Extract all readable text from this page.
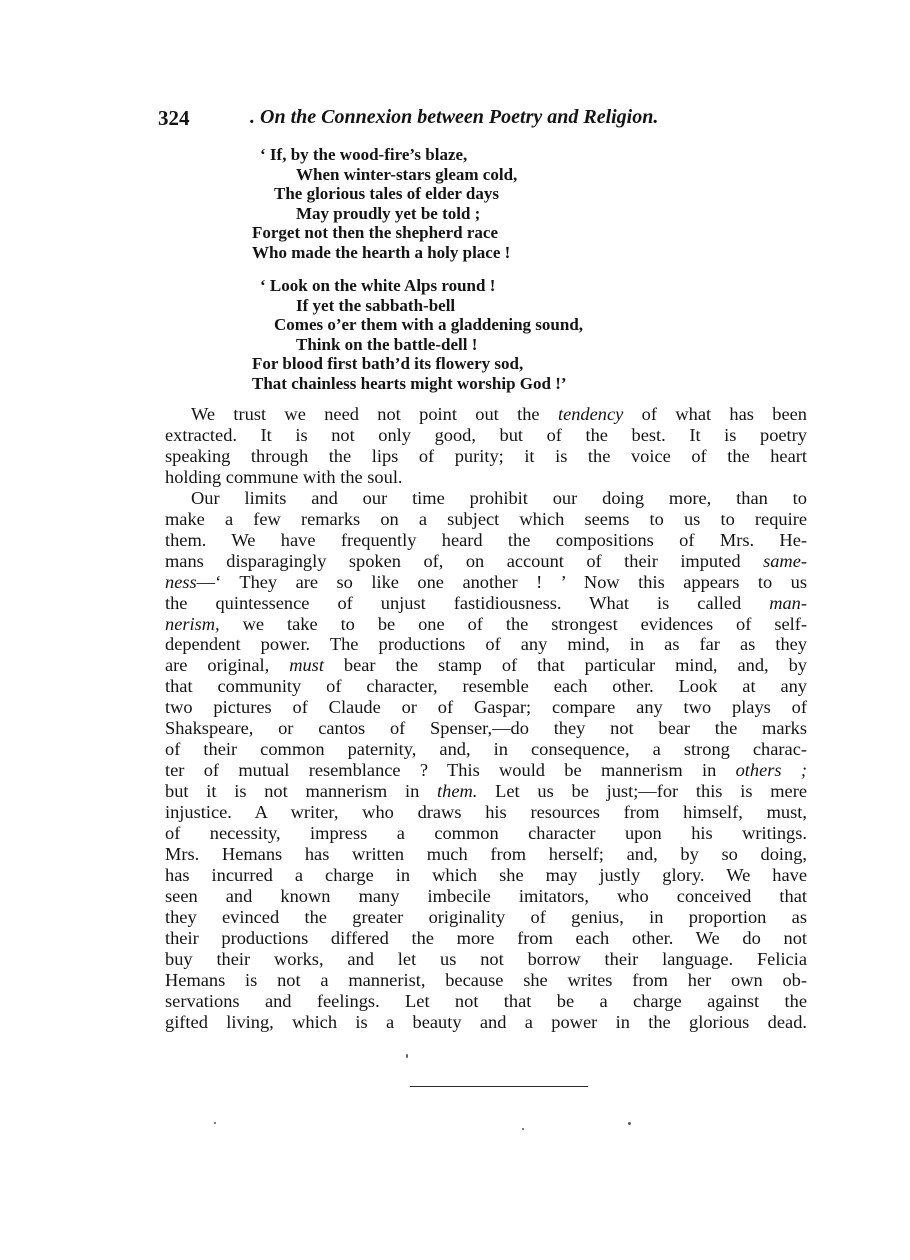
324	. On the Connexion between Poetry and Religion.
‘ If, by the wood-fire’s blaze,
When winter-stars gleam cold,
The glorious tales of elder days
May proudly yet be told ;
Forget not then the shepherd race
Who made the hearth a holy place !
‘ Look on the white Alps round !
If yet the sabbath-bell
Comes o’er them with a gladdening sound,
Think on the battle-dell !
For blood first bath’d its flowery sod,
That chainless hearts might worship God !’
We trust we need not point out the tendency of what has been
extracted. It is not only good, but of the best. It is poetry
speaking through the lips of purity; it is the voice of the heart
holding commune with the soul.
Our limits and our time prohibit our doing more, than to
make a few remarks on a subject which seems to us to require
them. We have frequently heard the compositions of Mrs. He-
mans disparagingly spoken of, on account of their imputed same-
ness—‘ They are so like one another ! ’ Now this appears to us
the quintessence of unjust fastidiousness. What is called man-
nerism, we take to be one of the strongest evidences of self-
dependent power. The productions of any mind, in as far as they
are original, must bear the stamp of that particular mind, and, by
that community of character, resemble each other. Look at any
two pictures of Claude or of Gaspar; compare any two plays of
Shakspeare, or cantos of Spenser,—do they not bear the marks
of their common paternity, and, in consequence, a strong charac-
ter of mutual resemblance ? This would be mannerism in others ;
but it is not mannerism in them. Let us be just;—for this is mere
injustice. A writer, who draws his resources from himself, must,
of necessity, impress a common character upon his writings.
Mrs. Hemans has written much from herself; and, by so doing,
has incurred a charge in which she may justly glory. We have
seen and known many imbecile imitators, who conceived that
they evinced the greater originality of genius, in proportion as
their productions differed the more from each other. We do not
buy their works, and let us not borrow their language. Felicia
Hemans is not a mannerist, because she writes from her own ob-
servations and feelings. Let not that be a charge against the
gifted living, which is a beauty and a power in the glorious dead.
